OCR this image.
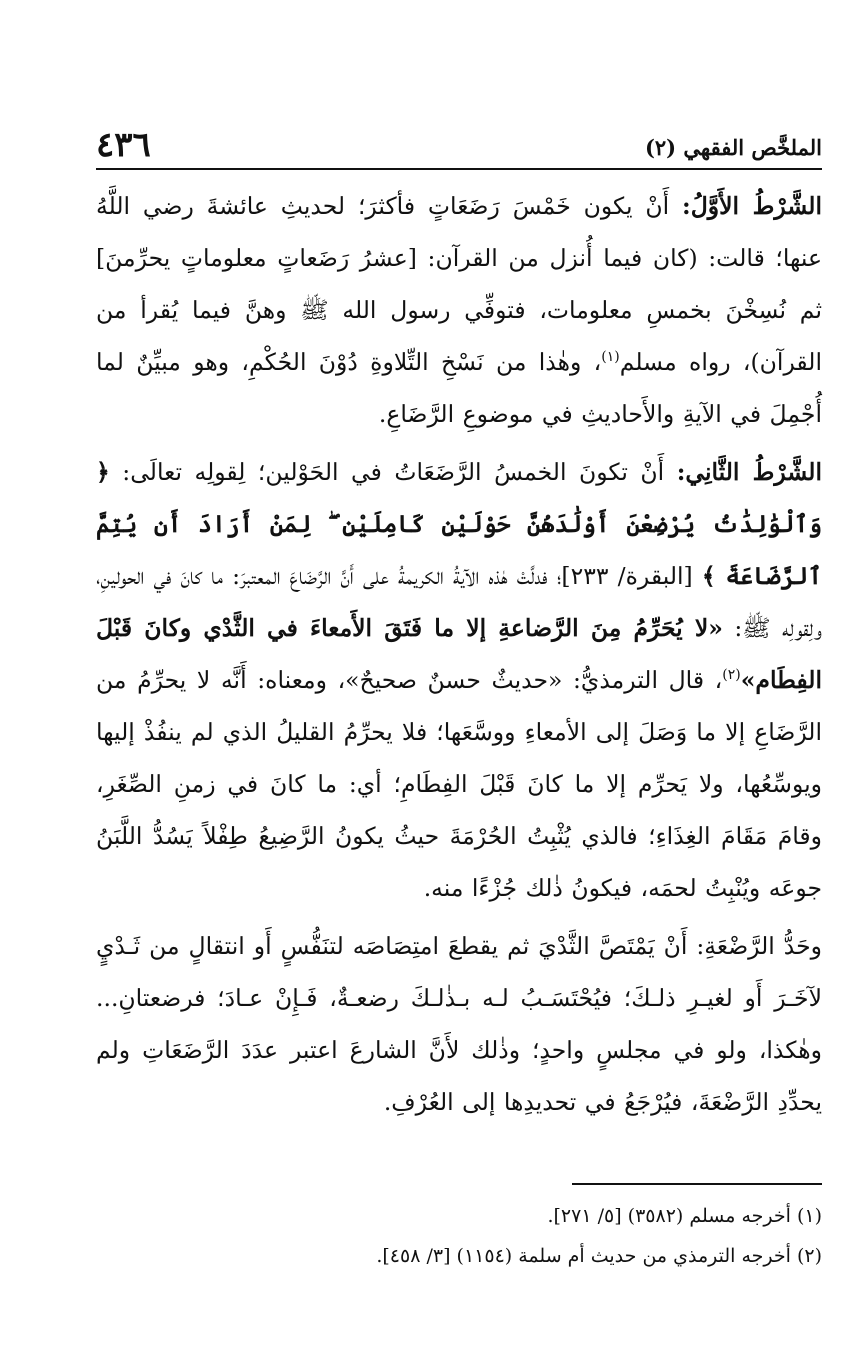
الملخَّص الفقهي (٢)
٤٣٦

الشَّرْطُ الأَوَّلُ: أَنْ يكون خَمْسَ رَضَعَاتٍ فأكثرَ؛ لحديثِ عائشةَ رضي اللَّهُ عنها؛ قالت: (كان فيما أُنزل من القرآن: [عشرُ رَضَعاتٍ معلوماتٍ يحرِّمنَ] ثم نُسِخْنَ بخمسِ معلومات، فتوفِّي رسول الله ﷺ وهنَّ فيما يُقرأ من القرآن)، رواه مسلم$^{(١)}$، وهٰذا من نَسْخِ التِّلاوةِ دُوْنَ الحُكْمِ، وهو مبيِّنٌ لما أُجْمِلَ في الآيةِ والأَحاديثِ في موضوعِ الرَّضَاعِ.

الشَّرْطُ الثَّانِي: أَنْ تكونَ الخمسُ الرَّضَعَاتُ في الحَوْلين؛ لِقولِه تعالَى: ﴿ وَٱلْوَٰلِدَٰتُ يُرْضِعْنَ أَوْلَٰدَهُنَّ حَوْلَيْنِ كَامِلَيْنِ ۖ لِمَنْ أَرَادَ أَن يُتِمَّ ٱلرَّضَاعَةَ ﴾ [البقرة/ ٢٣٣]؛ فدلَّتْ هٰذه الآيةُ الكريمةُ على أَنَّ الرَّضَاعَ المعتبرَ: ما كانَ في الحولينِ، ولِقولِه ﷺ: «لا يُحَرِّمُ مِنَ الرَّضاعةِ إلا ما فَتَقَ الأَمعاءَ في الثَّدْي وكانَ قَبْلَ الفِطَام»$^{(٢)}$، قال الترمذيُّ: «حديثٌ حسنٌ صحيحٌ»، ومعناه: أَنَّه لا يحرِّمُ من الرَّضَاعِ إلا ما وَصَلَ إلى الأمعاءِ ووسَّعَها؛ فلا يحرِّمُ القليلُ الذي لم ينفُذْ إليها ويوسِّعُها، ولا يَحرِّم إلا ما كانَ قَبْلَ الفِطَامِ؛ أي: ما كانَ في زمنِ الصِّغَرِ، وقامَ مَقَامَ الغِذَاءِ؛ فالذي يُثْبِتُ الحُرْمَةَ حيثُ يكونُ الرَّضِيعُ طِفْلاً يَسُدُّ اللَّبَنُ جوعَه ويُنْبِتُ لحمَه، فيكونُ ذٰلك جُزْءًا منه.

وحَدُّ الرَّضْعَةِ: أَنْ يَمْتَصَّ الثَّدْيَ ثم يقطعَ امتِصَاصَه لتنَفُّسٍ أَو انتقالٍ من ثَـدْيٍ لآخَـرَ أَو لغيـرِ ذلـكَ؛ فيُحْتَسَـبُ لـه بـذٰلـكَ رضعـةٌ، فَـإِنْ عـادَ؛ فرضعتانِ... وهٰكذا، ولو في مجلسٍ واحدٍ؛ وذٰلك لأَنَّ الشارعَ اعتبر عدَدَ الرَّضَعَاتِ ولم يحدِّدِ الرَّضْعَةَ، فيُرْجَعُ في تحديدِها إلى العُرْفِ.

(١) أخرجه مسلم (٣٥٨٢) [٥/ ٢٧١].

(٢) أخرجه الترمذي من حديث أم سلمة (١١٥٤) [٣/ ٤٥٨].
